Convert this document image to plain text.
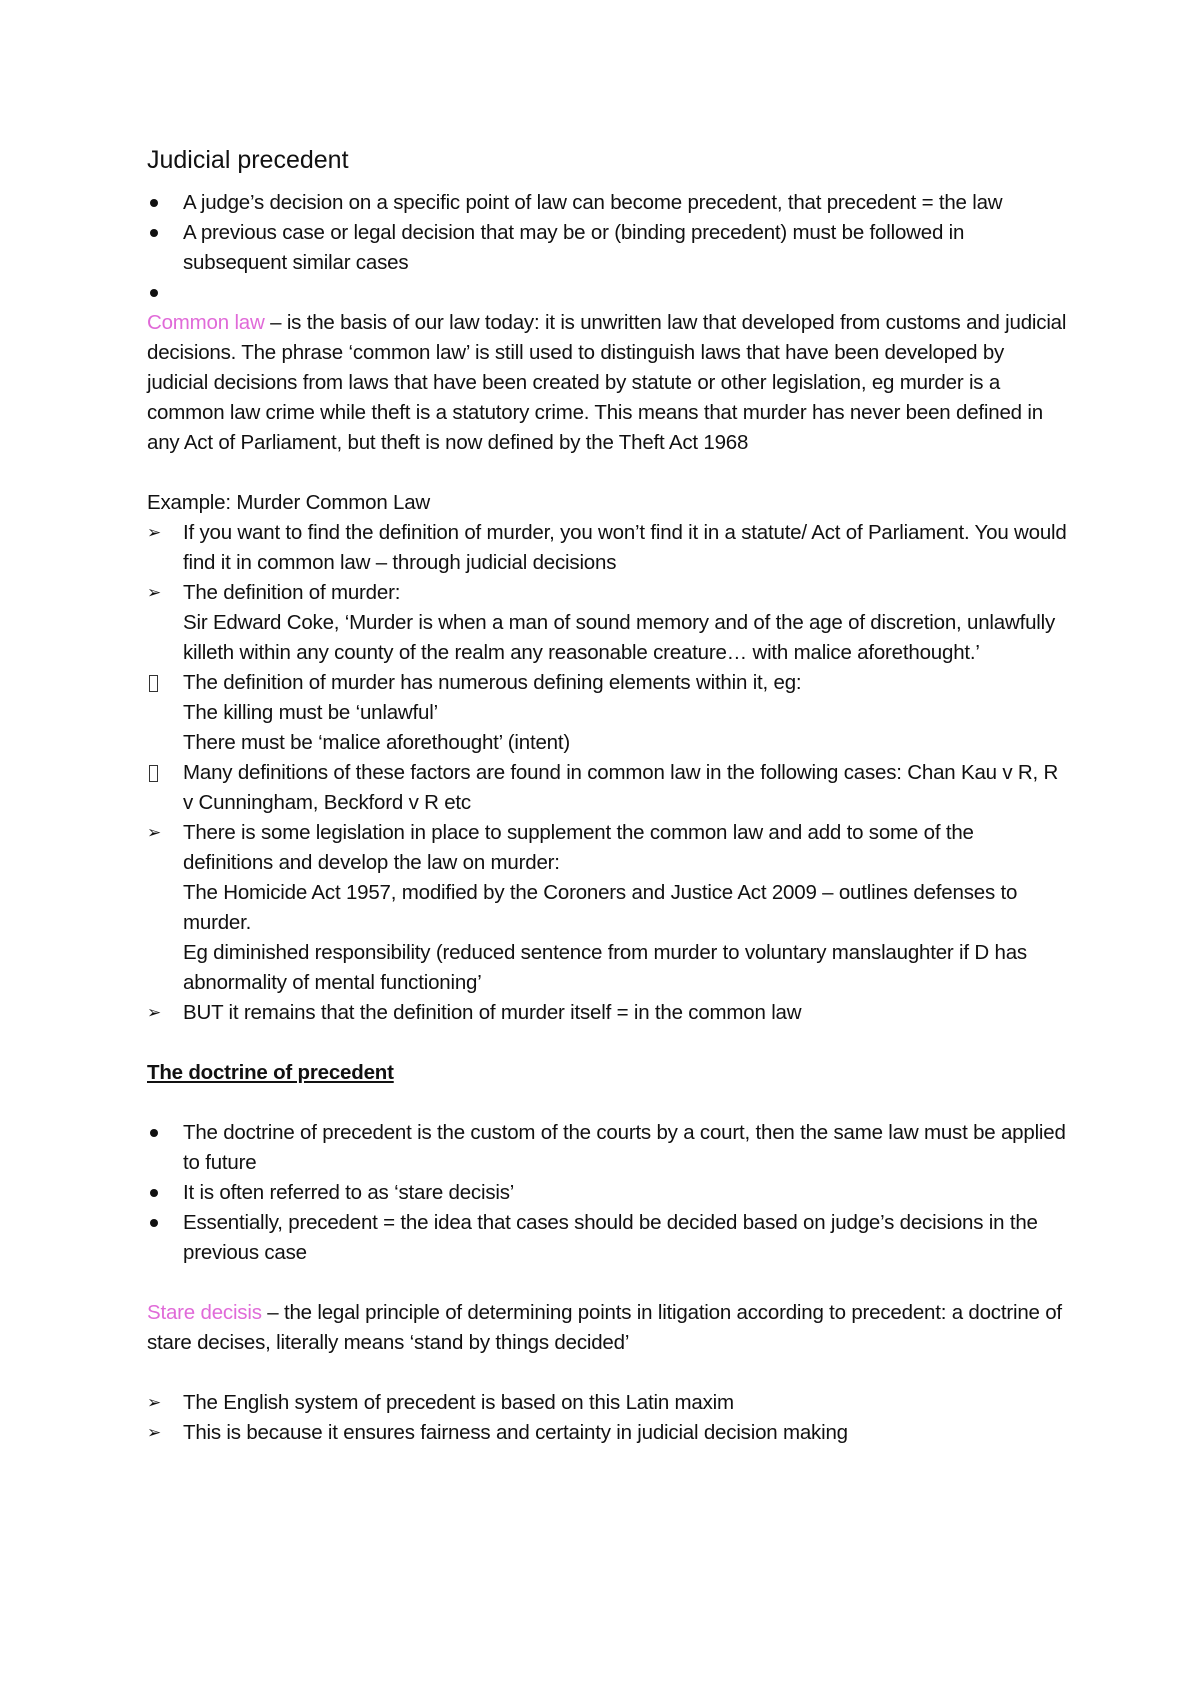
Judicial precedent
A judge’s decision on a specific point of law can become precedent, that precedent = the law
A previous case or legal decision that may be or (binding precedent) must be followed in subsequent similar cases

Common law – is the basis of our law today: it is unwritten law that developed from customs and judicial decisions. The phrase ‘common law’ is still used to distinguish laws that have been developed by judicial decisions from laws that have been created by statute or other legislation, eg murder is a common law crime while theft is a statutory crime. This means that murder has never been defined in any Act of Parliament, but theft is now defined by the Theft Act 1968

Example: Murder Common Law

➢ If you want to find the definition of murder, you won’t find it in a statute/ Act of Parliament. You would find it in common law – through judicial decisions
➢ The definition of murder:
Sir Edward Coke, ‘Murder is when a man of sound memory and of the age of discretion, unlawfully killeth within any county of the realm any reasonable creature… with malice aforethought.’
The definition of murder has numerous defining elements within it, eg:
The killing must be ‘unlawful’
There must be ‘malice aforethought’ (intent)
Many definitions of these factors are found in common law in the following cases: Chan Kau v R, R v Cunningham, Beckford v R etc
➢ There is some legislation in place to supplement the common law and add to some of the definitions and develop the law on murder:
The Homicide Act 1957, modified by the Coroners and Justice Act 2009 – outlines defenses to murder.
Eg diminished responsibility (reduced sentence from murder to voluntary manslaughter if D has abnormality of mental functioning’
➢ BUT it remains that the definition of murder itself = in the common law

The doctrine of precedent

The doctrine of precedent is the custom of the courts by a court, then the same law must be applied to future
It is often referred to as ‘stare decisis’
Essentially, precedent = the idea that cases should be decided based on judge’s decisions in the previous case

Stare decisis – the legal principle of determining points in litigation according to precedent: a doctrine of stare decises, literally means ‘stand by things decided’

➢ The English system of precedent is based on this Latin maxim
➢ This is because it ensures fairness and certainty in judicial decision making
